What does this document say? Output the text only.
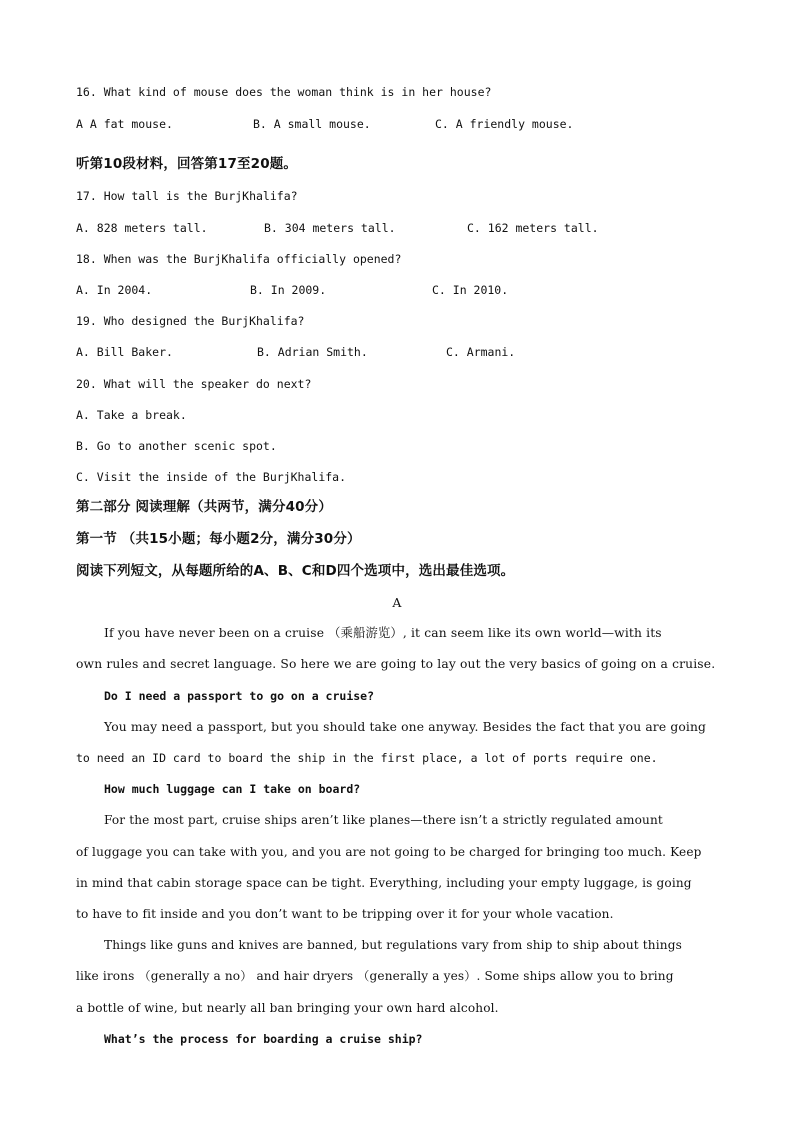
16. What kind of mouse does the woman think is in her house?
A A fat mouse.	B. A small mouse.	C. A friendly mouse.
听第10段材料，回答第17至20题。
17. How tall is the BurjKhalifa?
A. 828 meters tall.	B. 304 meters tall.	C. 162 meters tall.
18. When was the BurjKhalifa officially opened?
A. In 2004.	B. In 2009.	C. In 2010.
19. Who designed the BurjKhalifa?
A. Bill Baker.	B. Adrian Smith.	C. Armani.
20. What will the speaker do next?
A. Take a break.
B. Go to another scenic spot.
C. Visit the inside of the BurjKhalifa.
第二部分 阅读理解（共两节，满分40分）
第一节 （共15小题；每小题2分，满分30分）
阅读下列短文，从每题所给的A、B、C和D四个选项中，选出最佳选项。
A
If you have never been on a cruise （乘船游览）, it can seem like its own world—with its
own rules and secret language. So here we are going to lay out the very basics of going on a cruise.
Do I need a passport to go on a cruise?
You may need a passport, but you should take one anyway. Besides the fact that you are going
to need an ID card to board the ship in the first place, a lot of ports require one.
How much luggage can I take on board?
For the most part, cruise ships aren’t like planes—there isn’t a strictly regulated amount
of luggage you can take with you, and you are not going to be charged for bringing too much. Keep
in mind that cabin storage space can be tight. Everything, including your empty luggage, is going
to have to fit inside and you don’t want to be tripping over it for your whole vacation.
Things like guns and knives are banned, but regulations vary from ship to ship about things
like irons （generally a no） and hair dryers （generally a yes）. Some ships allow you to bring
a bottle of wine, but nearly all ban bringing your own hard alcohol.
What’s the process for boarding a cruise ship?
